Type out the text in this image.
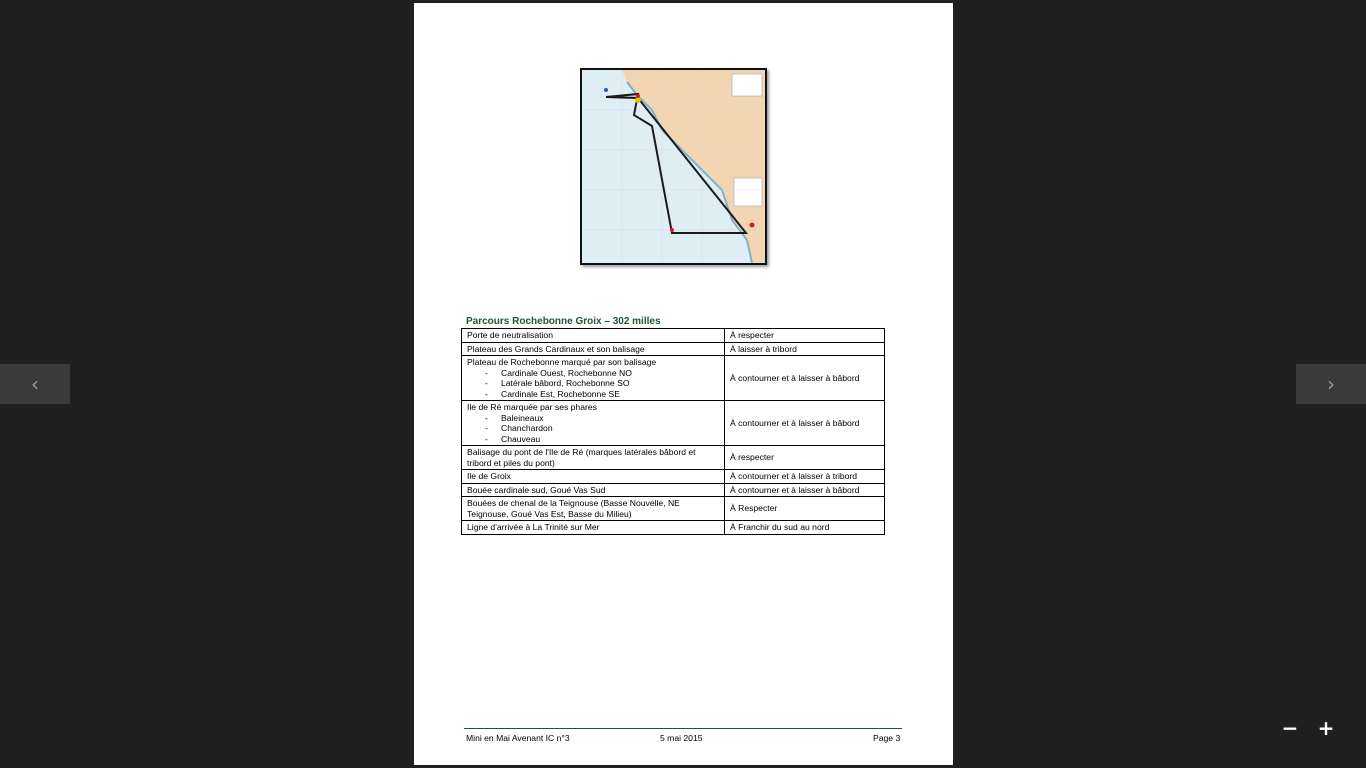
‹	›
Parcours Rochebonne Groix – 302 milles
Porte de neutralisation	À respecter
Plateau des Grands Cardinaux et son balisage	À laisser à tribord
Plateau de Rochebonne marqué par son balisage
- Cardinale Ouest, Rochebonne NO
- Latérale bâbord, Rochebonne SO
- Cardinale Est, Rochebonne SE	À contourner et à laisser à bâbord
Ile de Ré marquée par ses phares
- Baleineaux
- Chanchardon
- Chauveau	À contourner et à laisser à bâbord
Balisage du pont de l'Ile de Ré (marques latérales bâbord et tribord et piles du pont)	À respecter
Ile de Groix	À contourner et à laisser à tribord
Bouée cardinale sud, Goué Vas Sud	À contourner et à laisser à bâbord
Bouées de chenal de la Teignouse (Basse Nouvelle, NE Teignouse, Goué Vas Est, Basse du Milieu)	À Respecter
Ligne d'arrivée à La Trinité sur Mer	À Franchir du sud au nord
Mini en Mai Avenant IC n°3	5 mai 2015	Page 3	− +
